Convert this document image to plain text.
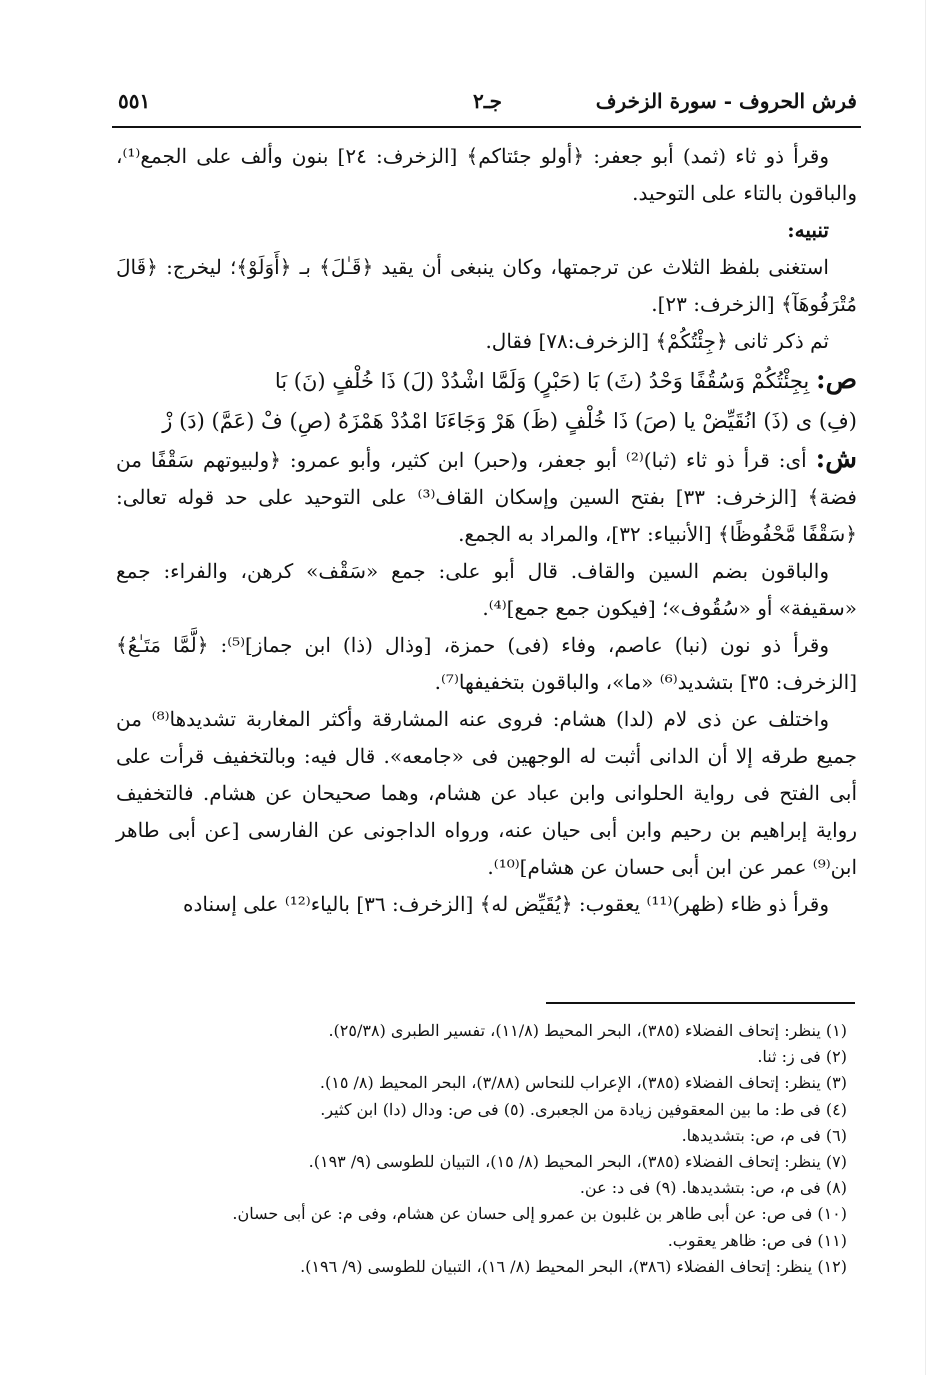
فرش الحروف - سورة الزخرف
جـ٢
٥٥١

وقرأ ذو ثاء (ثمد) أبو جعفر: ﴿أولو جئتاكم﴾ [الزخرف: ٢٤] بنون وألف على الجمع⁽¹⁾، والباقون بالتاء على التوحيد.

تنبيه:

استغنى بلفظ الثلاث عن ترجمتها، وكان ينبغى أن يقيد ﴿قَـٰلَ﴾ بـ ﴿أَوَلَوْ﴾؛ ليخرج: ﴿قَالَ مُتْرَفُوهَآ﴾ [الزخرف: ٢٣].

ثم ذكر ثانى ﴿جِئْتُكُمْ﴾ [الزخرف:٧٨] فقال.

ص: بِجِئْتُكُمْ وَسُقُفًا وَحْدُ (ثَ) بَا (حَبْرٍ) وَلَمَّا اشْدُدْ (لَ) ذَا خُلْفٍ (نَ) بَا
(فِ) ى (ذَ) انُقَيِّضْ يا (صَ) ذَا خُلْفٍ (ظَ) هَرْ وَجَاءَنَا امْدُدْ هَمْزَهُ (صِ) فْ (عَمَّ) (دَ) زْ

ش: أى: قرأ ذو ثاء (ثبا)⁽²⁾ أبو جعفر، و(حبر) ابن كثير، وأبو عمرو: ﴿ولبيوتهم سَقْفًا من فضة﴾ [الزخرف: ٣٣] بفتح السين وإسكان القاف⁽³⁾ على التوحيد على حد قوله تعالى: ﴿سَقْفًا مَّحْفُوظًا﴾ [الأنبياء: ٣٢]، والمراد به الجمع.

والباقون بضم السين والقاف. قال أبو على: جمع «سَقْف» كرهن، والفراء: جمع «سقيفة» أو «سُقُوف»؛ [فيكون جمع جمع]⁽⁴⁾.

وقرأ ذو نون (نبا) عاصم، وفاء (فى) حمزة، [وذال (ذا) ابن جماز]⁽⁵⁾: ﴿لَّمَّا مَتَـٰعُ﴾ [الزخرف: ٣٥] بتشديد⁽⁶⁾ «ما»، والباقون بتخفيفها⁽⁷⁾.

واختلف عن ذى لام (لدا) هشام: فروى عنه المشارقة وأكثر المغاربة تشديدها⁽⁸⁾ من جميع طرقه إلا أن الدانى أثبت له الوجهين فى «جامعه». قال فيه: وبالتخفيف قرأت على أبى الفتح فى رواية الحلوانى وابن عباد عن هشام، وهما صحيحان عن هشام. فالتخفيف رواية إبراهيم بن رحيم وابن أبى حيان عنه، ورواه الداجونى عن الفارسى [عن أبى طاهر ابن⁽⁹⁾ عمر عن ابن أبى حسان عن هشام]⁽¹⁰⁾.

وقرأ ذو ظاء (ظهر)⁽¹¹⁾ يعقوب: ﴿يُقَيِّض له﴾ [الزخرف: ٣٦] بالياء⁽¹²⁾ على إسناده

(١) ينظر: إتحاف الفضلاء (٣٨٥)، البحر المحيط (١١/٨)، تفسير الطبرى (٢٥/٣٨).
(٢) فى ز: ثنا.
(٣) ينظر: إتحاف الفضلاء (٣٨٥)، الإعراب للنحاس (٣/٨٨)، البحر المحيط (٨/ ١٥).
(٤) فى ط: ما بين المعقوفين زيادة من الجعبرى. (٥) فى ص: ودال (دا) ابن كثير.
(٦) فى م، ص: بتشديدها.
(٧) ينظر: إتحاف الفضلاء (٣٨٥)، البحر المحيط (٨/ ١٥)، التبيان للطوسى (٩/ ١٩٣).
(٨) فى م، ص: بتشديدها. (٩) فى د: عن.
(١٠) فى ص: عن أبى طاهر بن غلبون بن عمرو إلى حسان عن هشام، وفى م: عن أبى حسان.
(١١) فى ص: ظاهر يعقوب.
(١٢) ينظر: إتحاف الفضلاء (٣٨٦)، البحر المحيط (٨/ ١٦)، التبيان للطوسى (٩/ ١٩٦).
